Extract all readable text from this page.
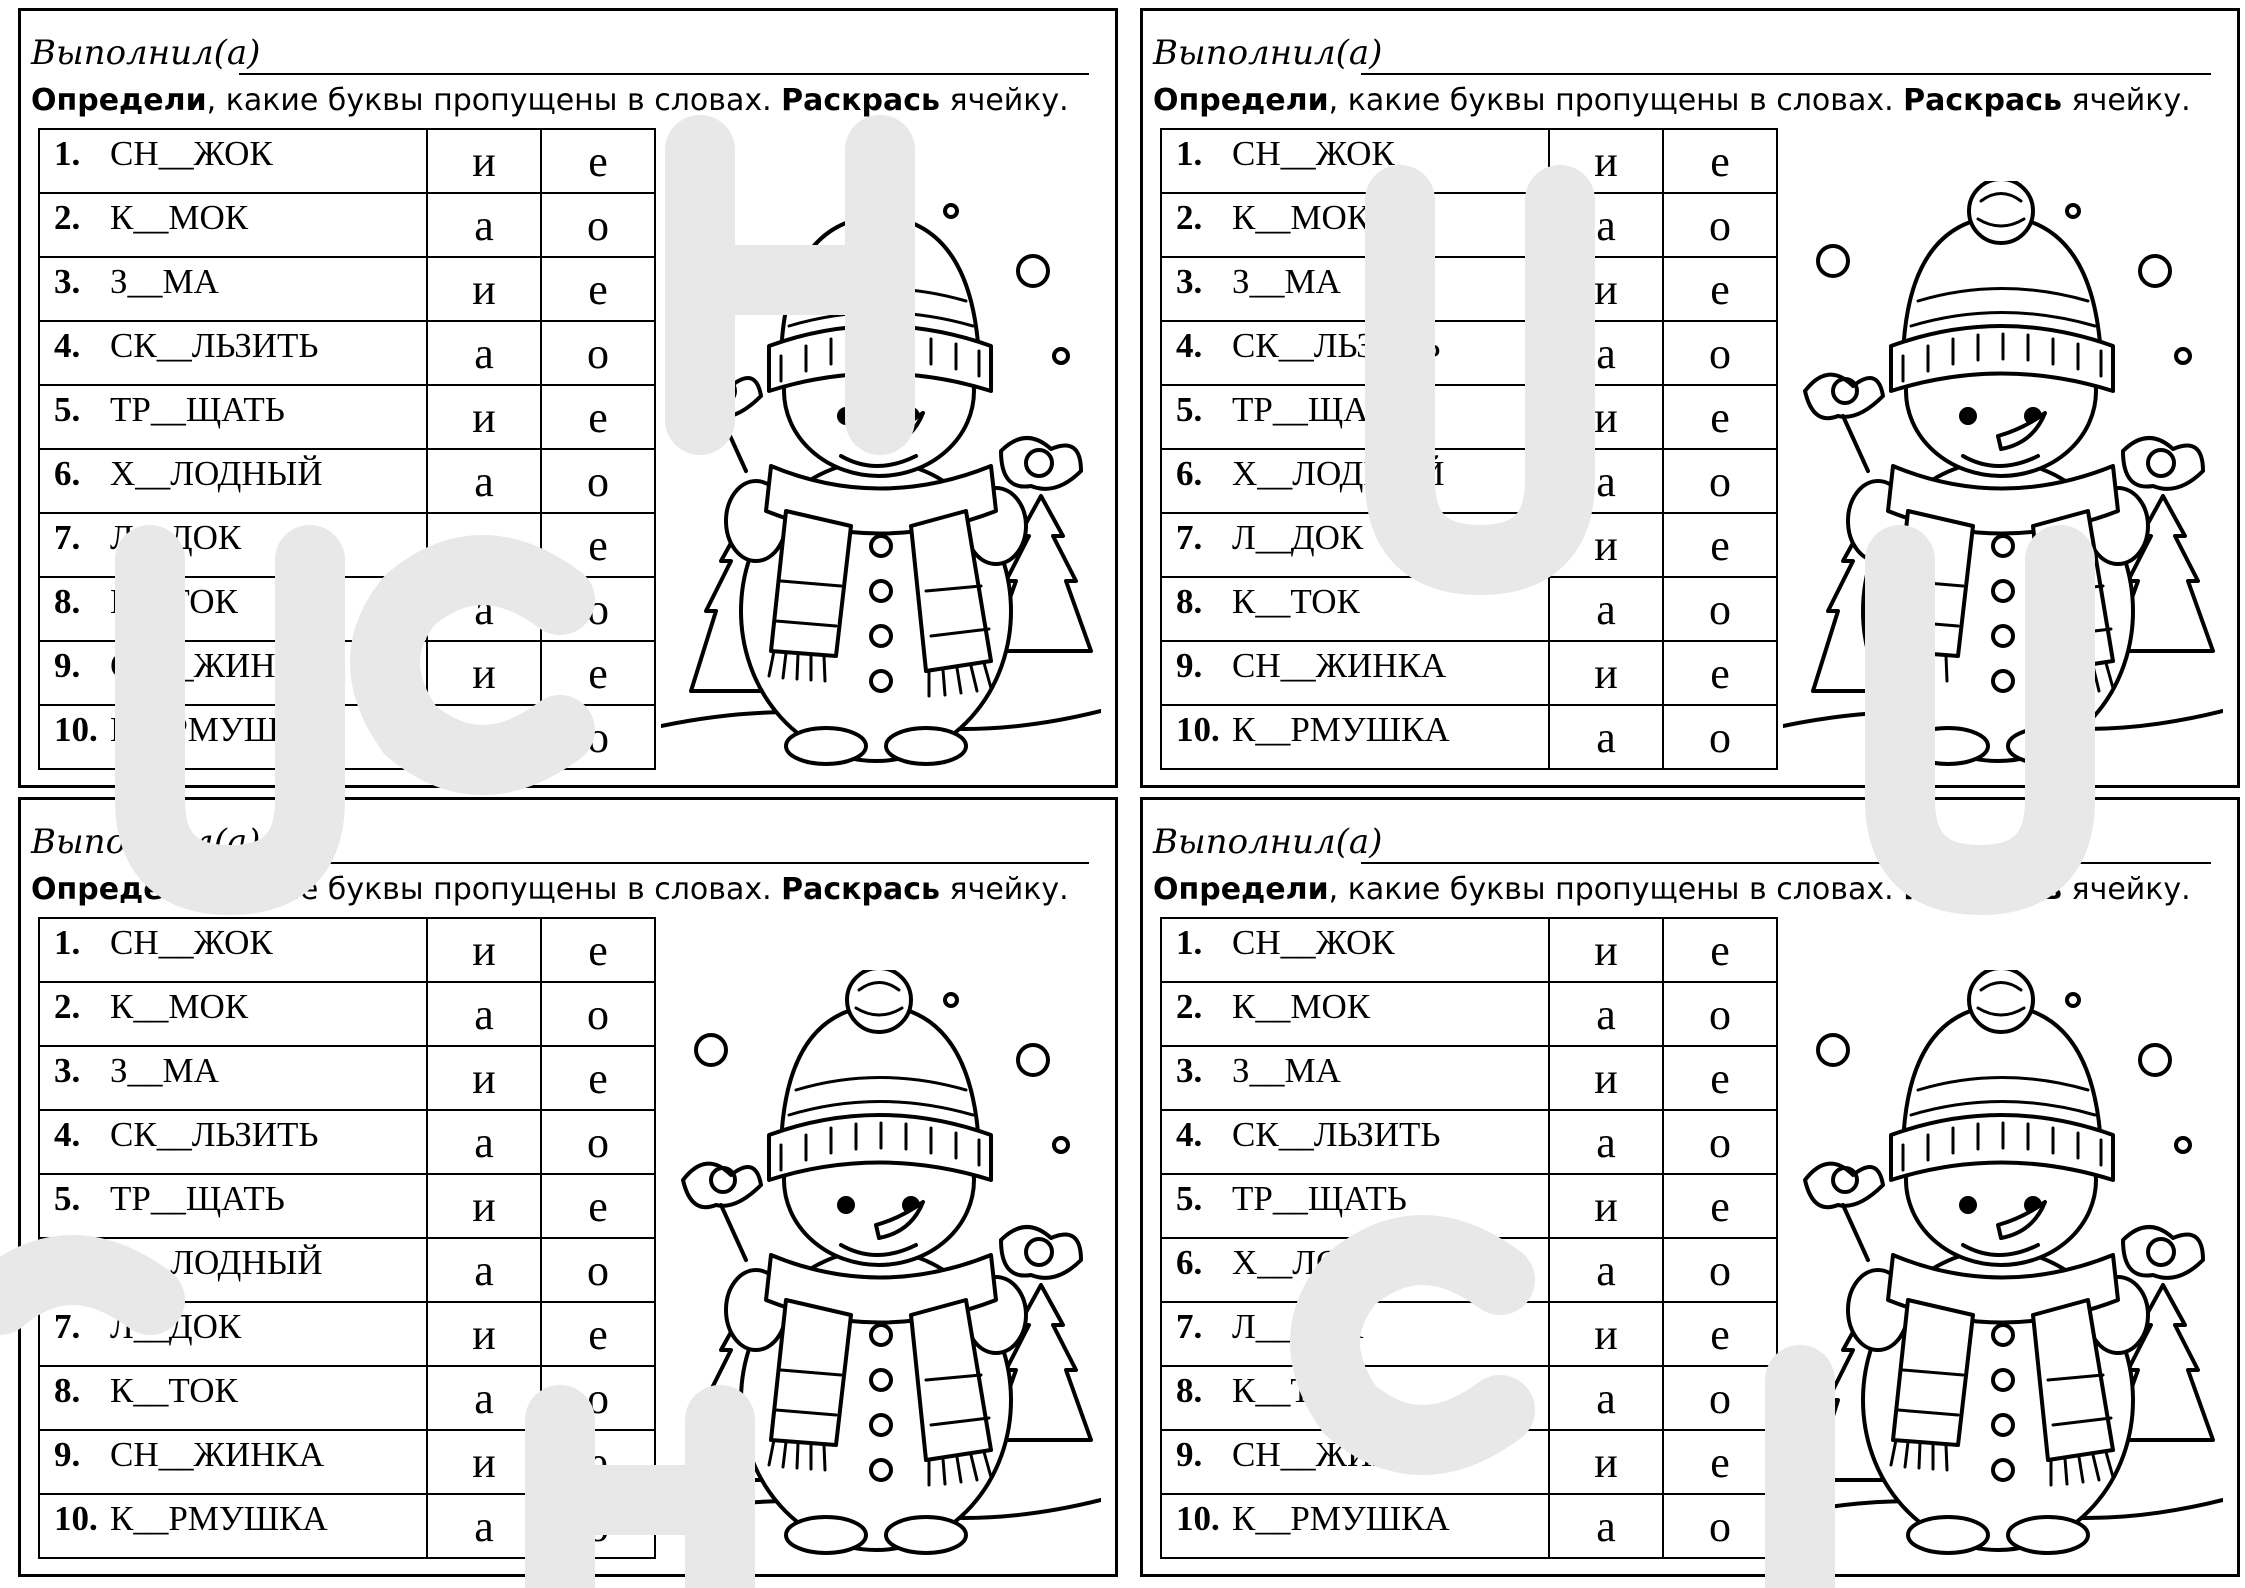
Выполнил(а)
Определи, какие буквы пропущены в словах. Раскрась ячейку.
1. СН__ЖОК	и	е
2. К__МОК	а	о
3. З__МА	и	е
4. СК__ЛЬЗИТЬ	а	о
5. ТР__ЩАТЬ	и	е
6. Х__ЛОДНЫЙ	а	о
7. Л__ДОК	и	е
8. К__ТОК	а	о
9. СН__ЖИНКА	и	е
10. К__РМУШКА	а	о
Выполнил(а)
Определи, какие буквы пропущены в словах. Раскрась ячейку.
1. СН__ЖОК	и	е
2. К__МОК	а	о
3. З__МА	и	е
4. СК__ЛЬЗИТЬ	а	о
5. ТР__ЩАТЬ	и	е
6. Х__ЛОДНЫЙ	а	о
7. Л__ДОК	и	е
8. К__ТОК	а	о
9. СН__ЖИНКА	и	е
10. К__РМУШКА	а	о
Выполнил(а)
Определи, какие буквы пропущены в словах. Раскрась ячейку.
1. СН__ЖОК	и	е
2. К__МОК	а	о
3. З__МА	и	е
4. СК__ЛЬЗИТЬ	а	о
5. ТР__ЩАТЬ	и	е
6. Х__ЛОДНЫЙ	а	о
7. Л__ДОК	и	е
8. К__ТОК	а	о
9. СН__ЖИНКА	и	е
10. К__РМУШКА	а	о
Выполнил(а)
Определи, какие буквы пропущены в словах. Раскрась ячейку.
1. СН__ЖОК	и	е
2. К__МОК	а	о
3. З__МА	и	е
4. СК__ЛЬЗИТЬ	а	о
5. ТР__ЩАТЬ	и	е
6. Х__ЛОДНЫЙ	а	о
7. Л__ДОК	и	е
8. К__ТОК	а	о
9. СН__ЖИНКА	и	е
10. К__РМУШКА	а	о
